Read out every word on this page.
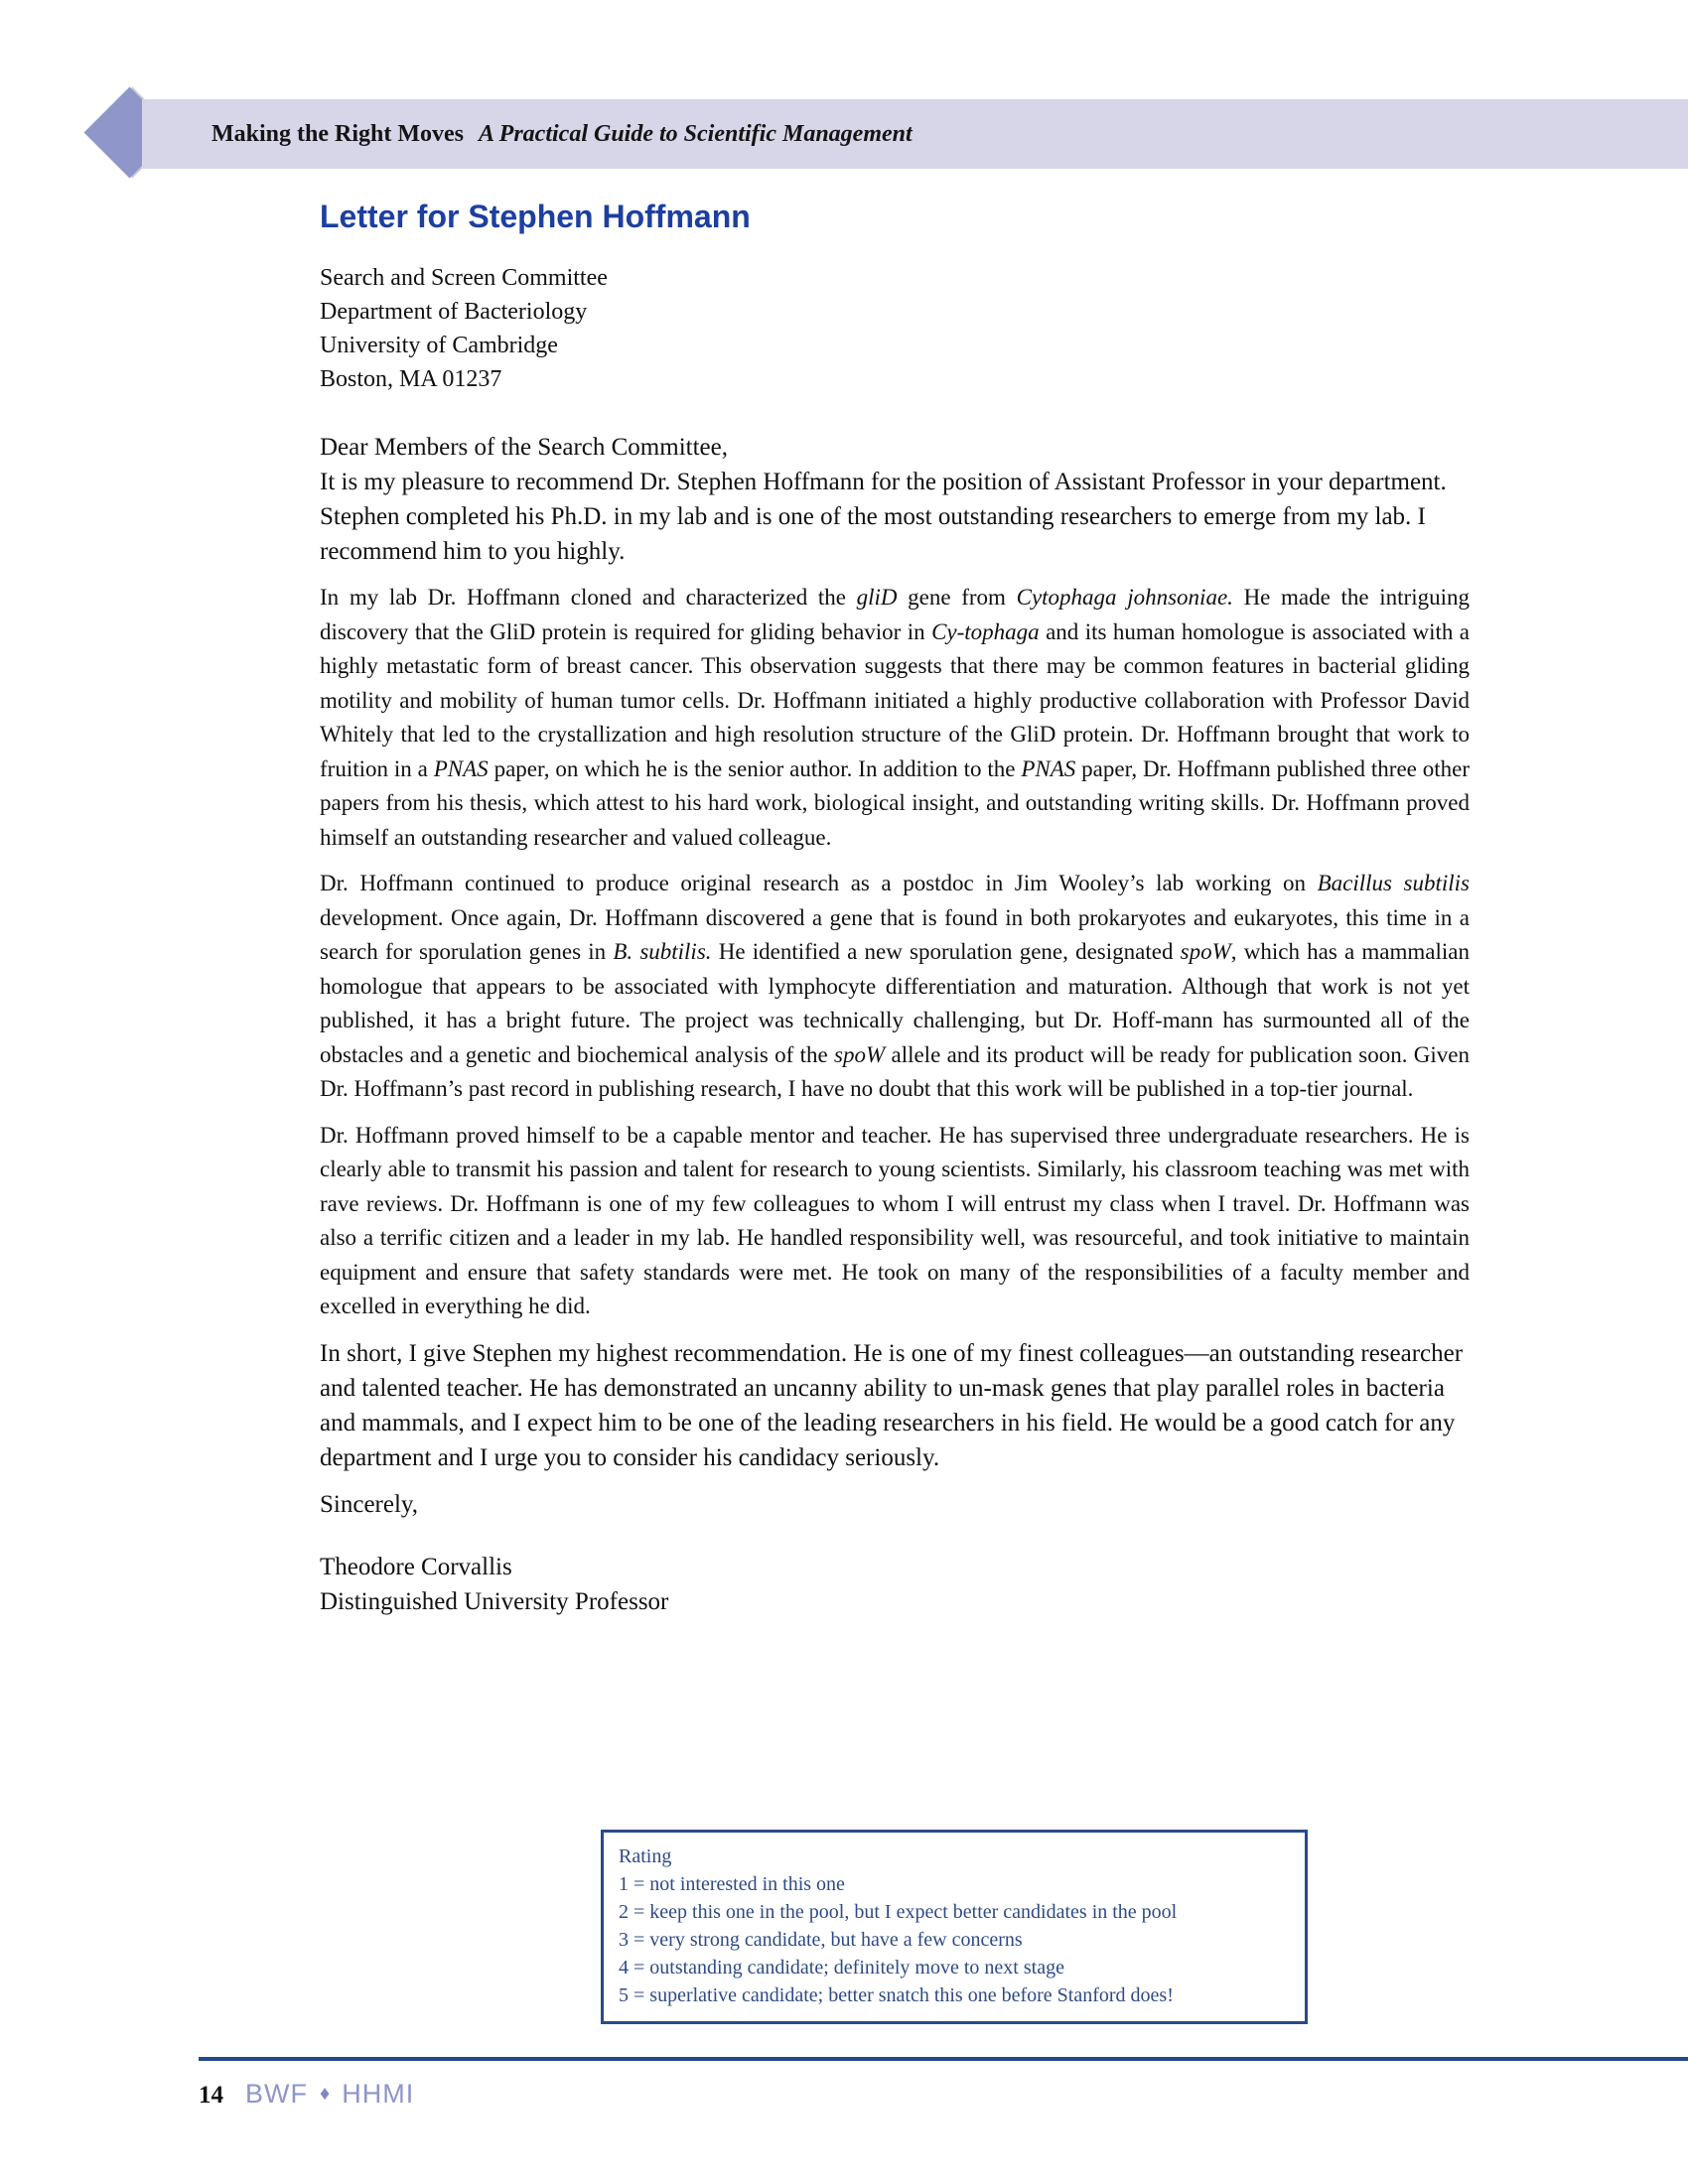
Making the Right Moves A Practical Guide to Scientific Management
Letter for Stephen Hoffmann
Search and Screen Committee
Department of Bacteriology
University of Cambridge
Boston, MA 01237
Dear Members of the Search Committee,

It is my pleasure to recommend Dr. Stephen Hoffmann for the position of Assistant Professor in your department. Stephen completed his Ph.D. in my lab and is one of the most outstanding researchers to emerge from my lab. I recommend him to you highly.

In my lab Dr. Hoffmann cloned and characterized the gliD gene from Cytophaga johnsoniae. He made the intriguing discovery that the GliD protein is required for gliding behavior in Cy-tophaga and its human homologue is associated with a highly metastatic form of breast cancer. This observation suggests that there may be common features in bacterial gliding motility and mobility of human tumor cells. Dr. Hoffmann initiated a highly productive collaboration with Professor David Whitely that led to the crystallization and high resolution structure of the GliD protein. Dr. Hoffmann brought that work to fruition in a PNAS paper, on which he is the senior author. In addition to the PNAS paper, Dr. Hoffmann published three other papers from his thesis, which attest to his hard work, biological insight, and outstanding writing skills. Dr. Hoffmann proved himself an outstanding researcher and valued colleague.

Dr. Hoffmann continued to produce original research as a postdoc in Jim Wooley’s lab working on Bacillus subtilis development. Once again, Dr. Hoffmann discovered a gene that is found in both prokaryotes and eukaryotes, this time in a search for sporulation genes in B. subtilis. He identified a new sporulation gene, designated spoW, which has a mammalian homologue that appears to be associated with lymphocyte differentiation and maturation. Although that work is not yet published, it has a bright future. The project was technically challenging, but Dr. Hoff-mann has surmounted all of the obstacles and a genetic and biochemical analysis of the spoW allele and its product will be ready for publication soon. Given Dr. Hoffmann’s past record in publishing research, I have no doubt that this work will be published in a top-tier journal.

Dr. Hoffmann proved himself to be a capable mentor and teacher. He has supervised three undergraduate researchers. He is clearly able to transmit his passion and talent for research to young scientists. Similarly, his classroom teaching was met with rave reviews. Dr. Hoffmann is one of my few colleagues to whom I will entrust my class when I travel. Dr. Hoffmann was also a terrific citizen and a leader in my lab. He handled responsibility well, was resourceful, and took initiative to maintain equipment and ensure that safety standards were met. He took on many of the responsibilities of a faculty member and excelled in everything he did.

In short, I give Stephen my highest recommendation. He is one of my finest colleagues—an outstanding researcher and talented teacher. He has demonstrated an uncanny ability to un-mask genes that play parallel roles in bacteria and mammals, and I expect him to be one of the leading researchers in his field. He would be a good catch for any department and I urge you to consider his candidacy seriously.

Sincerely,
Theodore Corvallis
Distinguished University Professor
Rating
1 = not interested in this one
2 = keep this one in the pool, but I expect better candidates in the pool
3 = very strong candidate, but have a few concerns
4 = outstanding candidate; definitely move to next stage
5 = superlative candidate; better snatch this one before Stanford does!
14 BWF ♦ HHMI
